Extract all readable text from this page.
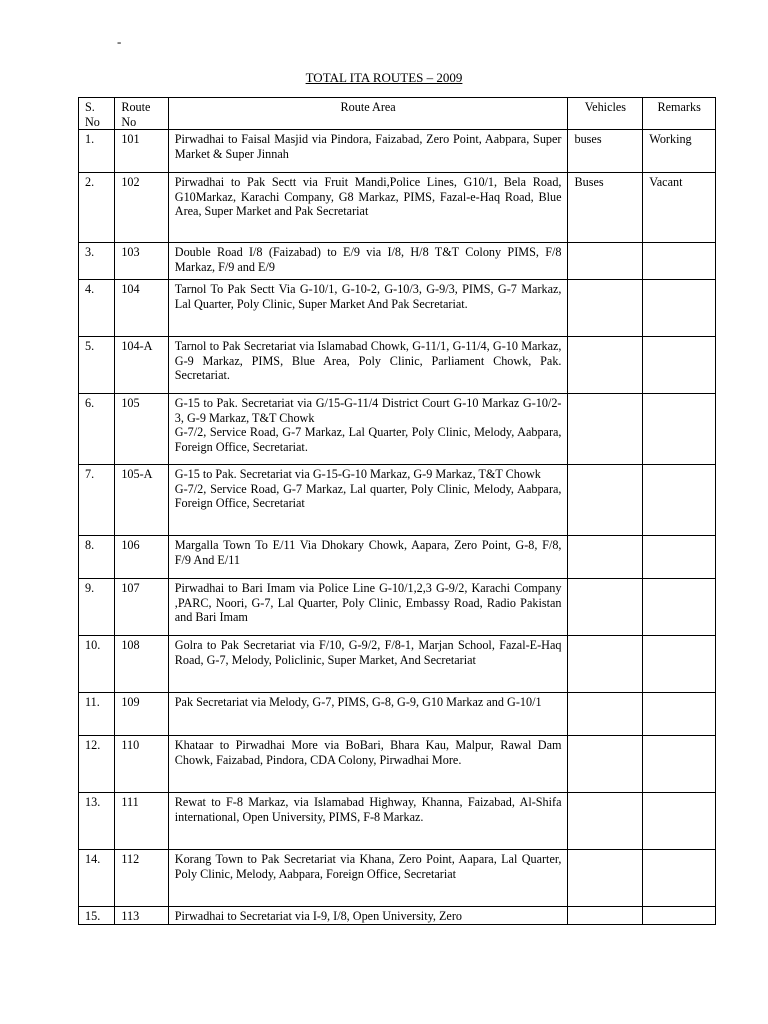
-
TOTAL ITA ROUTES – 2009
S. No	Route No	Route Area	Vehicles	Remarks
1.	101	Pirwadhai to Faisal Masjid via Pindora, Faizabad, Zero Point, Aabpara, Super Market & Super Jinnah	buses	Working
2.	102	Pirwadhai to Pak Sectt via Fruit Mandi,Police Lines, G10/1, Bela Road, G10Markaz, Karachi Company, G8 Markaz, PIMS, Fazal-e-Haq Road, Blue Area, Super Market and Pak Secretariat	Buses	Vacant
3.	103	Double Road I/8 (Faizabad) to E/9 via I/8, H/8 T&T Colony PIMS, F/8 Markaz, F/9 and E/9		
4.	104	Tarnol To Pak Sectt Via G-10/1, G-10-2, G-10/3, G-9/3, PIMS, G-7 Markaz, Lal Quarter, Poly Clinic, Super Market And Pak Secretariat.		
5.	104-A	Tarnol to Pak Secretariat via Islamabad Chowk, G-11/1, G-11/4, G-10 Markaz, G-9 Markaz, PIMS, Blue Area, Poly Clinic, Parliament Chowk, Pak. Secretariat.		
6.	105	G-15 to Pak. Secretariat via G/15-G-11/4 District Court G-10 Markaz G-10/2-3, G-9 Markaz, T&T Chowk
G-7/2, Service Road, G-7 Markaz, Lal Quarter, Poly Clinic, Melody, Aabpara, Foreign Office, Secretariat.		
7.	105-A	G-15 to Pak. Secretariat via G-15-G-10 Markaz, G-9 Markaz, T&T Chowk
G-7/2, Service Road, G-7 Markaz, Lal quarter, Poly Clinic, Melody, Aabpara, Foreign Office, Secretariat		
8.	106	Margalla Town To E/11 Via Dhokary Chowk, Aapara, Zero Point, G-8, F/8, F/9 And E/11		
9.	107	Pirwadhai to Bari Imam via Police Line G-10/1,2,3 G-9/2, Karachi Company ,PARC, Noori, G-7, Lal Quarter, Poly Clinic, Embassy Road, Radio Pakistan and Bari Imam		
10.	108	Golra to Pak Secretariat via F/10, G-9/2, F/8-1, Marjan School, Fazal-E-Haq Road, G-7, Melody, Policlinic, Super Market, And Secretariat		
11.	109	Pak Secretariat via Melody, G-7, PIMS, G-8, G-9, G10 Markaz and G-10/1		
12.	110	Khataar to Pirwadhai More via BoBari, Bhara Kau, Malpur, Rawal Dam Chowk, Faizabad, Pindora, CDA Colony, Pirwadhai More.		
13.	111	Rewat to F-8 Markaz, via Islamabad Highway, Khanna, Faizabad, Al-Shifa international, Open University, PIMS, F-8 Markaz.		
14.	112	Korang Town to Pak Secretariat via Khana, Zero Point, Aapara, Lal Quarter, Poly Clinic, Melody, Aabpara, Foreign Office, Secretariat		
15.	113	Pirwadhai to Secretariat via I-9, I/8, Open University, Zero		
